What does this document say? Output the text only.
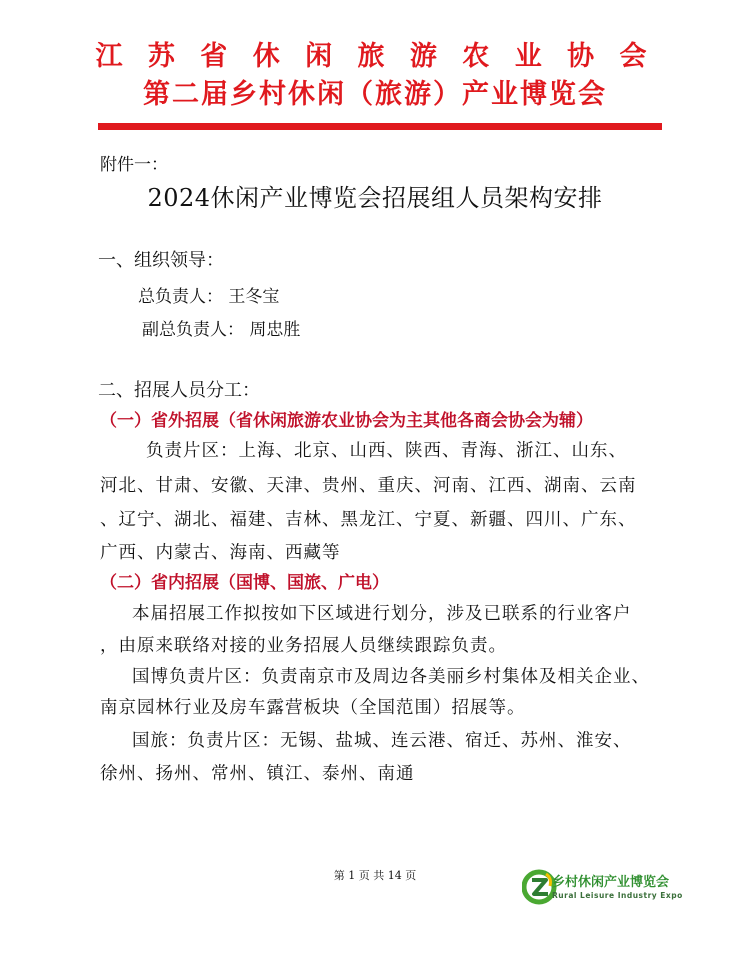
江 苏 省 休 闲 旅 游 农 业 协 会
第二届乡村休闲（旅游）产业博览会
附件一：
2024休闲产业博览会招展组人员架构安排
一、组织领导：
总负责人： 王冬宝
副总负责人： 周忠胜
二、招展人员分工：
（一）省外招展（省休闲旅游农业协会为主其他各商会协会为辅）
负责片区：上海、北京、山西、陕西、青海、浙江、山东、
河北、甘肃、安徽、天津、贵州、重庆、河南、江西、湖南、云南
、辽宁、湖北、福建、吉林、黑龙江、宁夏、新疆、四川、广东、
广西、内蒙古、海南、西藏等
（二）省内招展（国博、国旅、广电）
本届招展工作拟按如下区域进行划分，涉及已联系的行业客户
，由原来联络对接的业务招展人员继续跟踪负责。
国博负责片区：负责南京市及周边各美丽乡村集体及相关企业、
南京园林行业及房车露营板块（全国范围）招展等。
国旅：负责片区：无锡、盐城、连云港、宿迁、苏州、淮安、
徐州、扬州、常州、镇江、泰州、南通
第 1 页 共 14 页	乡村休闲产业博览会
Rural Leisure Industry Expo
